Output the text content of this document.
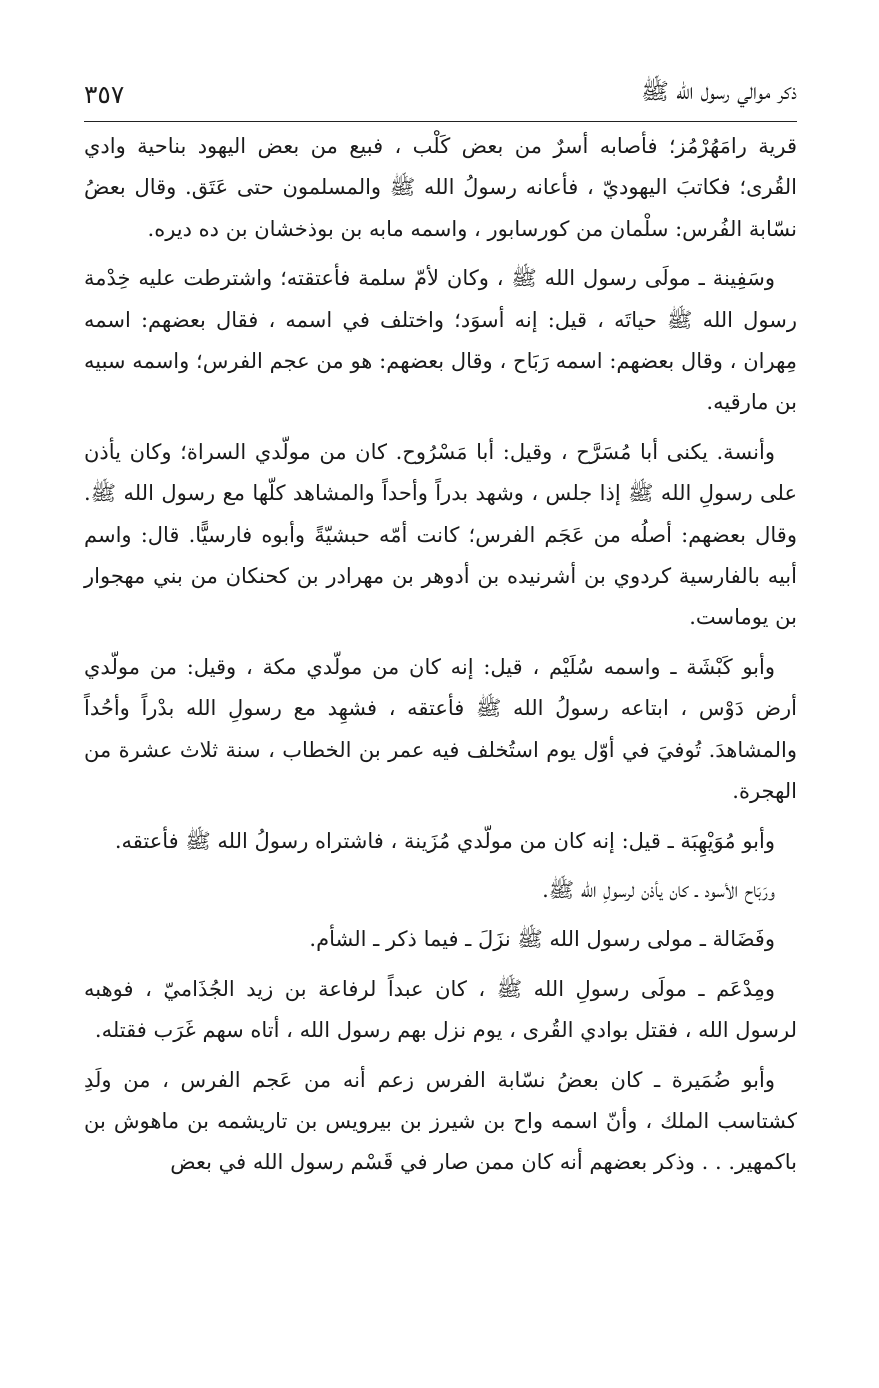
ذكر موالي رسول الله ﷺ
٣٥٧

قرية رامَهُرْمُز؛ فأصابه أسرٌ من بعض كَلْب ، فبيع من بعض اليهود بناحية وادي القُرى؛ فكاتبَ اليهوديّ ، فأعانه رسولُ الله ﷺ والمسلمون حتى عَتَق. وقال بعضُ نسّابة الفُرس: سلْمان من كورسابور ، واسمه مابه بن بوذخشان بن ده ديره.

وسَفِينة ـ مولَى رسول الله ﷺ ، وكان لأمّ سلمة فأعتقته؛ واشترطت عليه خِدْمة رسول الله ﷺ حياتَه ، قيل: إنه أسوَد؛ واختلف في اسمه ، فقال بعضهم: اسمه مِهران ، وقال بعضهم: اسمه رَبَاح ، وقال بعضهم: هو من عجم الفرس؛ واسمه سبيه بن مارقيه.

وأنسة. يكنى أبا مُسَرَّح ، وقيل: أبا مَسْرُوح. كان من مولّدي السراة؛ وكان يأذن على رسولِ الله ﷺ إذا جلس ، وشهد بدراً وأحداً والمشاهد كلّها مع رسول الله ﷺ. وقال بعضهم: أصلُه من عَجَم الفرس؛ كانت أمّه حبشيّةً وأبوه فارسيًّا. قال: واسم أبيه بالفارسية كردوي بن أشرنيده بن أدوهر بن مهرادر بن كحنكان من بني مهجوار بن يوماست.

وأبو كَبْشَة ـ واسمه سُلَيْم ، قيل: إنه كان من مولّدي مكة ، وقيل: من مولّدي أرض دَوْس ، ابتاعه رسولُ الله ﷺ فأعتقه ، فشهِد مع رسولِ الله بدْراً وأحُداً والمشاهدَ. تُوفيَ في أوّل يوم استُخلف فيه عمر بن الخطاب ، سنة ثلاث عشرة من الهجرة.

وأبو مُوَيْهِبَة ـ قيل: إنه كان من مولّدي مُزَينة ، فاشتراه رسولُ الله ﷺ فأعتقه.

ورَبَاح الأسود ـ كان يأذن لرسولِ الله ﷺ.

وفَضَالة ـ مولى رسول الله ﷺ نزَلَ ـ فيما ذكر ـ الشأم.

ومِدْعَم ـ مولَى رسولِ الله ﷺ ، كان عبداً لرفاعة بن زيد الجُذَاميّ ، فوهبه لرسول الله ، فقتل بوادي القُرى ، يوم نزل بهم رسول الله ، أتاه سهم غَرَب فقتله.

وأبو ضُمَيرة ـ كان بعضُ نسّابة الفرس زعم أنه من عَجم الفرس ، من ولَدِ كشتاسب الملك ، وأنّ اسمه واح بن شيرز بن بيرويس بن تاريشمه بن ماهوش بن باكمهير. . . وذكر بعضهم أنه كان ممن صار في قَسْم رسول الله في بعض
